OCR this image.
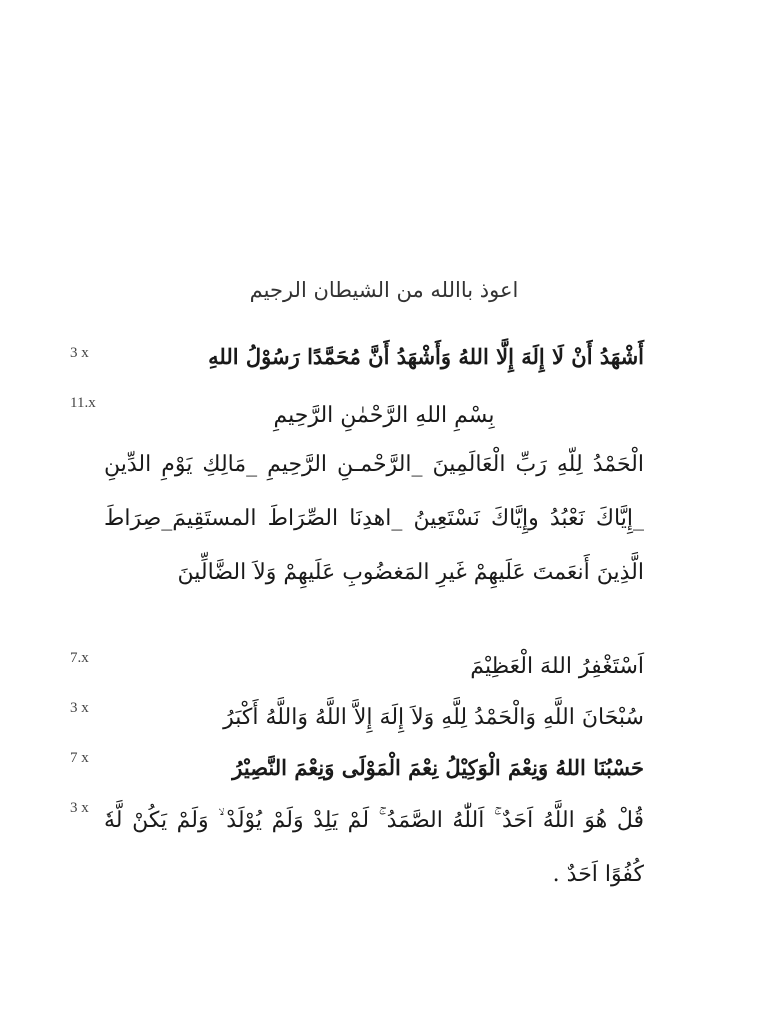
اعوذ باالله من الشيطان الرجيم
3 x	أَشْهَدُ أَنْ لَا إِلَهَ إِلَّا اللهُ وَأَشْهَدُ أَنَّ مُحَمَّدًا رَسُوْلُ اللهِ
11.x	بِسْمِ اللهِ الرَّحْمٰنِ الرَّحِيمِ
الْحَمْدُ لِلّهِ رَبِّ الْعَالَمِينَ _الرَّحْمـنِ الرَّحِيمِ _مَالِكِ يَوْمِ الدِّينِ _إِيَّاكَ نَعْبُدُ وإِيَّاكَ نَسْتَعِينُ _اهدِنَا الصِّرَاطَ المستَقِيمَ_صِرَاطَ الَّذِينَ أَنعَمتَ عَلَيهِمْ غَيرِ المَغضُوبِ عَلَيهِمْ وَلاَ الضَّالِّينَ
7.x	اَسْتَغْفِرُ اللهَ الْعَظِيْمَ
3 x	سُبْحَانَ اللَّهِ وَالْحَمْدُ لِلَّهِ وَلاَ إِلَهَ إِلاَّ اللَّهُ وَاللَّهُ أَكْبَرُ
7 x	حَسْبُنَا اللهُ وَنِعْمَ الْوَكِيْلُ نِعْمَ الْمَوْلَى وَنِعْمَ النَّصِيْرُ
3 x قُلْ هُوَ اللَّهُ اَحَدٌ ۚ اَللّٰهُ الصَّمَدُ ۚ لَمْ يَلِدْ وَلَمْ يُوْلَدْ ۙ وَلَمْ يَكُنْ لَّهٗ كُفُوًا اَحَدٌ .
